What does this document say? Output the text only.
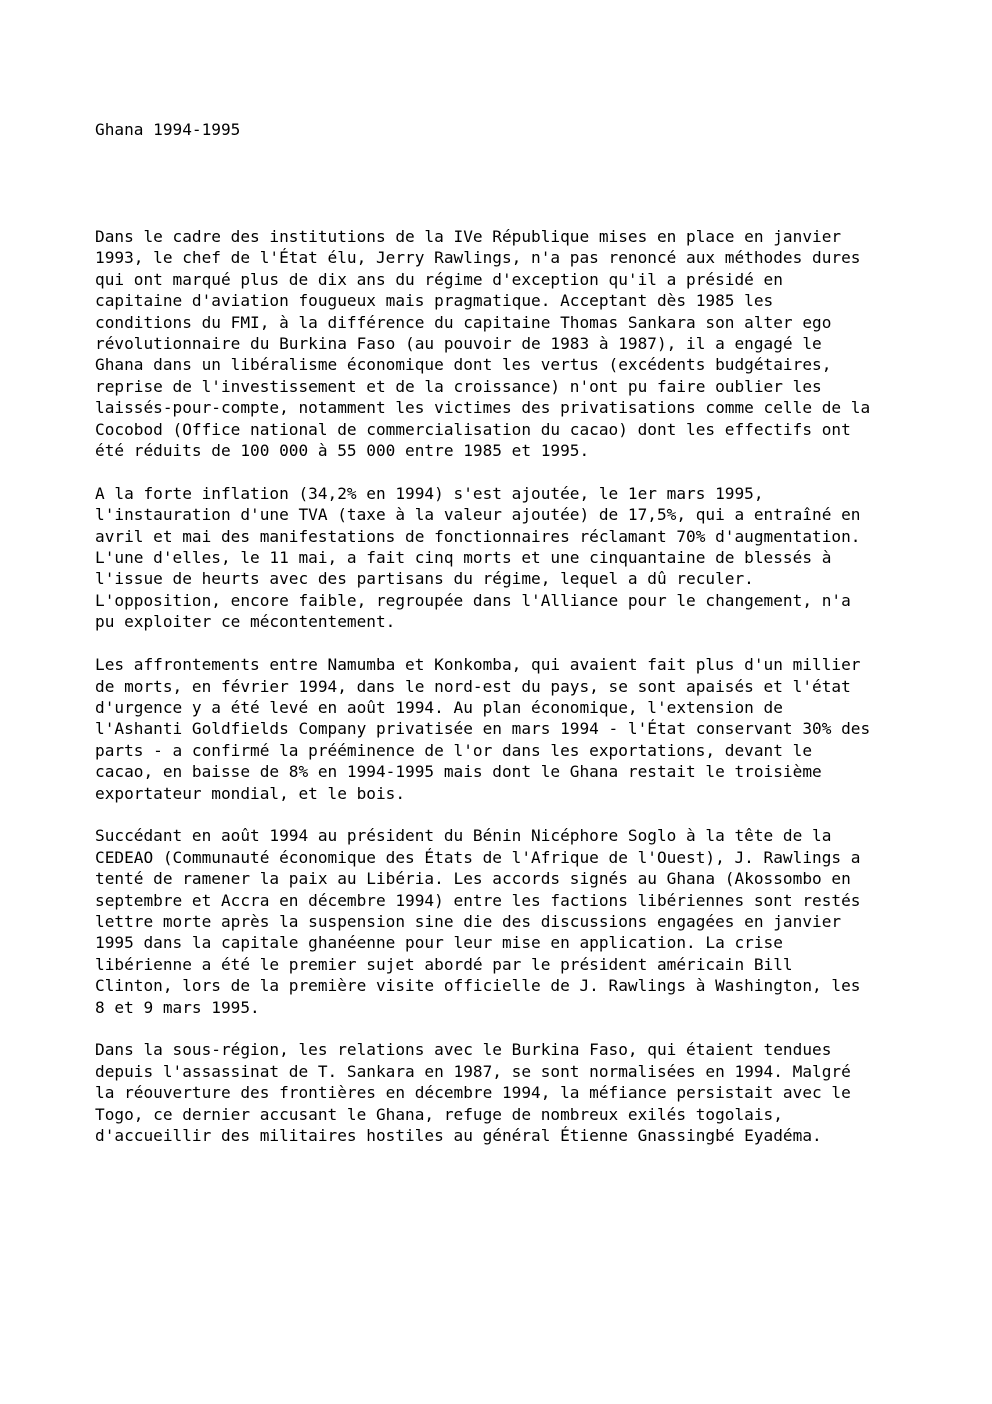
Ghana 1994-1995

Dans le cadre des institutions de la IVe République mises en place en janvier
1993, le chef de l'État élu, Jerry Rawlings, n'a pas renoncé aux méthodes dures
qui ont marqué plus de dix ans du régime d'exception qu'il a présidé en
capitaine d'aviation fougueux mais pragmatique. Acceptant dès 1985 les
conditions du FMI, à la différence du capitaine Thomas Sankara son alter ego
révolutionnaire du Burkina Faso (au pouvoir de 1983 à 1987), il a engagé le
Ghana dans un libéralisme économique dont les vertus (excédents budgétaires,
reprise de l'investissement et de la croissance) n'ont pu faire oublier les
laissés-pour-compte, notamment les victimes des privatisations comme celle de la
Cocobod (Office national de commercialisation du cacao) dont les effectifs ont
été réduits de 100 000 à 55 000 entre 1985 et 1995.

A la forte inflation (34,2% en 1994) s'est ajoutée, le 1er mars 1995,
l'instauration d'une TVA (taxe à la valeur ajoutée) de 17,5%, qui a entraîné en
avril et mai des manifestations de fonctionnaires réclamant 70% d'augmentation.
L'une d'elles, le 11 mai, a fait cinq morts et une cinquantaine de blessés à
l'issue de heurts avec des partisans du régime, lequel a dû reculer.
L'opposition, encore faible, regroupée dans l'Alliance pour le changement, n'a
pu exploiter ce mécontentement.

Les affrontements entre Namumba et Konkomba, qui avaient fait plus d'un millier
de morts, en février 1994, dans le nord-est du pays, se sont apaisés et l'état
d'urgence y a été levé en août 1994. Au plan économique, l'extension de
l'Ashanti Goldfields Company privatisée en mars 1994 - l'État conservant 30% des
parts - a confirmé la prééminence de l'or dans les exportations, devant le
cacao, en baisse de 8% en 1994-1995 mais dont le Ghana restait le troisième
exportateur mondial, et le bois.

Succédant en août 1994 au président du Bénin Nicéphore Soglo à la tête de la
CEDEAO (Communauté économique des États de l'Afrique de l'Ouest), J. Rawlings a
tenté de ramener la paix au Libéria. Les accords signés au Ghana (Akossombo en
septembre et Accra en décembre 1994) entre les factions libériennes sont restés
lettre morte après la suspension sine die des discussions engagées en janvier
1995 dans la capitale ghanéenne pour leur mise en application. La crise
libérienne a été le premier sujet abordé par le président américain Bill
Clinton, lors de la première visite officielle de J. Rawlings à Washington, les
8 et 9 mars 1995.

Dans la sous-région, les relations avec le Burkina Faso, qui étaient tendues
depuis l'assassinat de T. Sankara en 1987, se sont normalisées en 1994. Malgré
la réouverture des frontières en décembre 1994, la méfiance persistait avec le
Togo, ce dernier accusant le Ghana, refuge de nombreux exilés togolais,
d'accueillir des militaires hostiles au général Étienne Gnassingbé Eyadéma.
